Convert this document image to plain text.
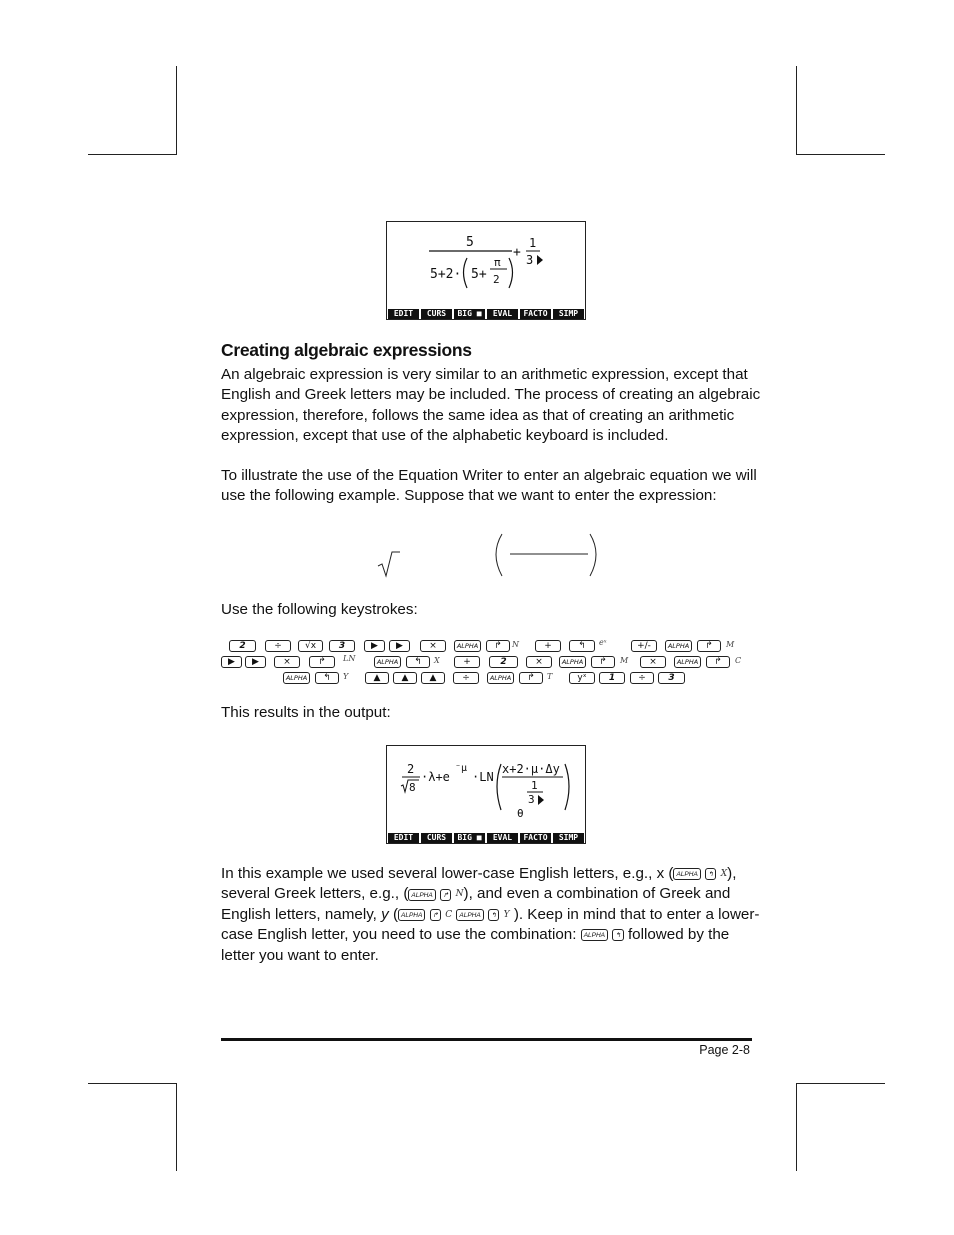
5
5+2· 5+
π
2
+
1
3
EDIT	CURS	BIG ■	EVAL	FACTO	SIMP
Creating algebraic expressions

An algebraic expression is very similar to an arithmetic expression, except that English and Greek letters may be included. The process of creating an algebraic expression, therefore, follows the same idea as that of creating an arithmetic expression, except that use of the alphabetic keyboard is included.

To illustrate the use of the Equation Writer to enter an algebraic equation we will use the following example. Suppose that we want to enter the expression:

Use the following keystrokes:
2	÷	√x	3	▶	▶	×	ALPHA	↱	N	+	↰	eˣ	+/-	ALPHA	↱	M
▶	▶	×	↱	LN	ALPHA	↰	X	+	2	×	ALPHA	↱	M	×	ALPHA	↱	C
ALPHA	↰	Y	▲	▲	▲	÷	ALPHA	↱	T	yˣ	1	÷	3
This results in the output:
2
8
·λ+e
⁻μ
·LN
x+2·μ·Δy
1
3
θ
EDIT	CURS	BIG ■	EVAL	FACTO	SIMP

In this example we used several lower-case English letters, e.g., x ( ALPHA ↰ X), several Greek letters, e.g., ( ALPHA ↱ N), and even a combination of Greek and English letters, namely, y ( ALPHA ↱ C ALPHA ↰ Y ). Keep in mind that to enter a lower-case English letter, you need to use the combination: ALPHA ↰ followed by the letter you want to enter.

Page 2-8
